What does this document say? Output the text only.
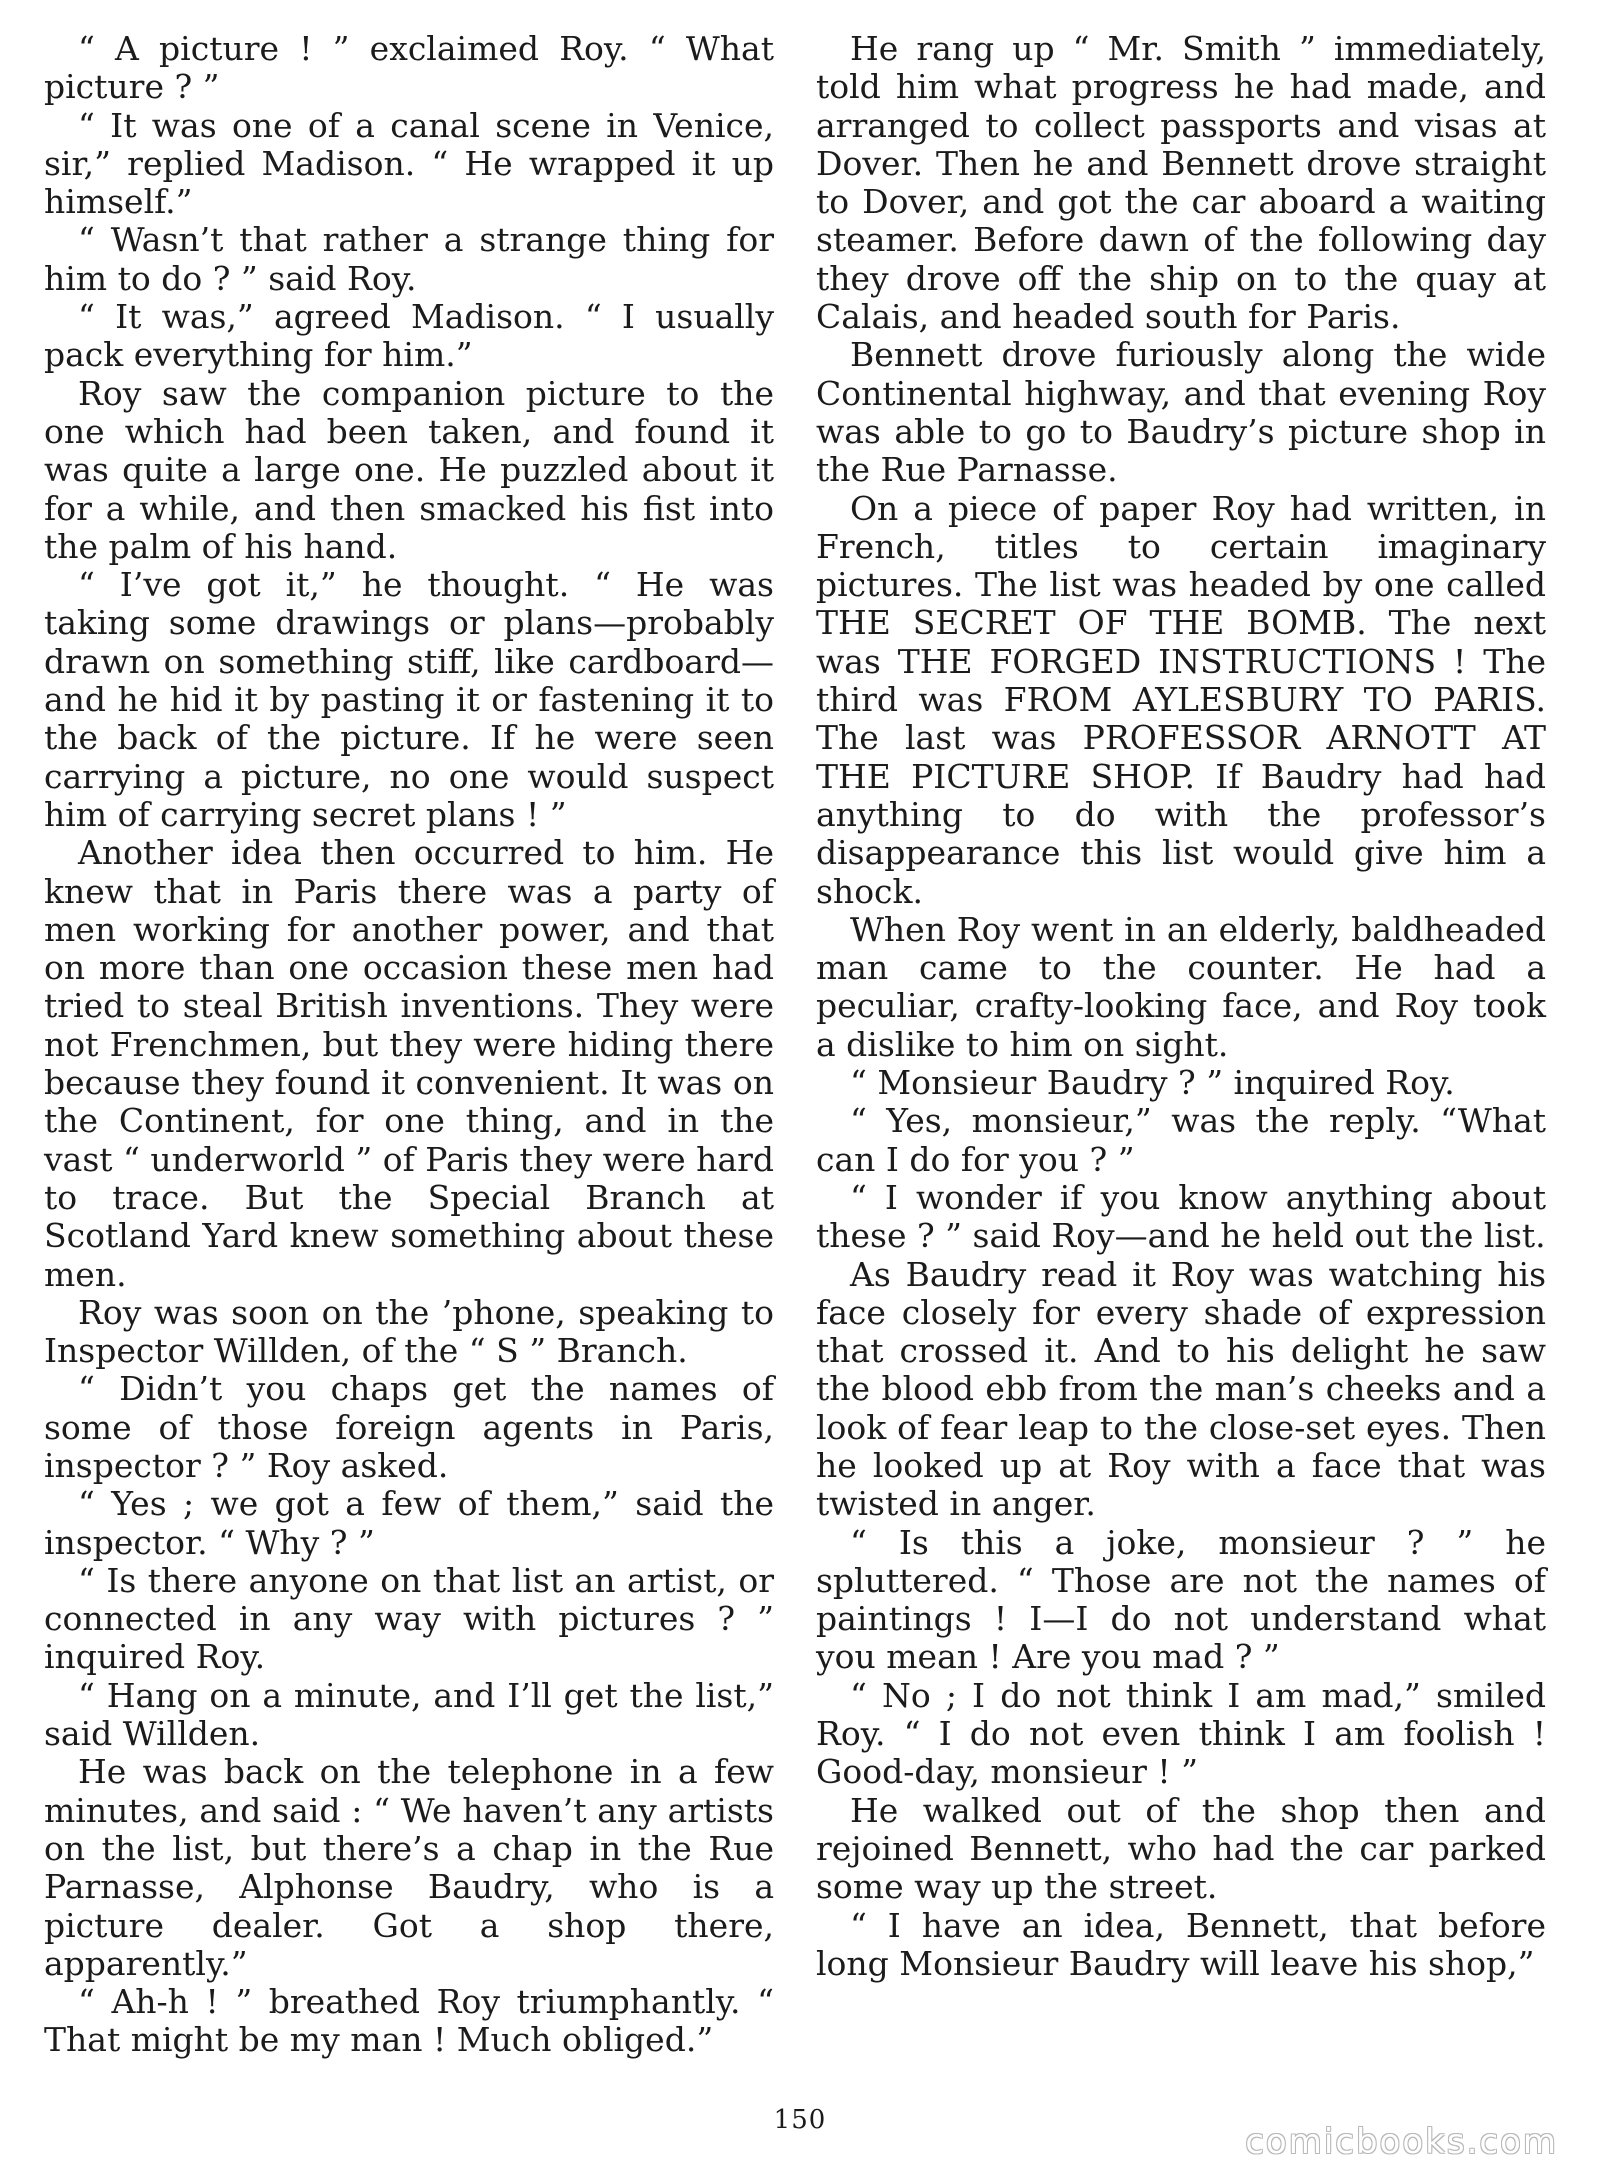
“ A picture ! ” exclaimed Roy. “ What picture ? ”

“ It was one of a canal scene in Venice, sir,” replied Madison. “ He wrapped it up himself.”

“ Wasn’t that rather a strange thing for him to do ? ” said Roy.

“ It was,” agreed Madison. “ I usually pack everything for him.”

Roy saw the companion picture to the one which had been taken, and found it was quite a large one. He puzzled about it for a while, and then smacked his fist into the palm of his hand.

“ I’ve got it,” he thought. “ He was taking some drawings or plans—probably drawn on something stiff, like cardboard—and he hid it by pasting it or fastening it to the back of the picture. If he were seen carrying a picture, no one would suspect him of carrying secret plans ! ”

Another idea then occurred to him. He knew that in Paris there was a party of men working for another power, and that on more than one occasion these men had tried to steal British inventions. They were not Frenchmen, but they were hiding there because they found it convenient. It was on the Continent, for one thing, and in the vast “ underworld ” of Paris they were hard to trace. But the Special Branch at Scotland Yard knew something about these men.

Roy was soon on the ’phone, speaking to Inspector Willden, of the “ S ” Branch.

“ Didn’t you chaps get the names of some of those foreign agents in Paris, inspector ? ” Roy asked.

“ Yes ; we got a few of them,” said the inspector. “ Why ? ”

“ Is there anyone on that list an artist, or connected in any way with pictures ? ” inquired Roy.

“ Hang on a minute, and I’ll get the list,” said Willden.

He was back on the telephone in a few minutes, and said : “ We haven’t any artists on the list, but there’s a chap in the Rue Parnasse, Alphonse Baudry, who is a picture dealer. Got a shop there, apparently.”

“ Ah-h ! ” breathed Roy triumphantly. “ That might be my man ! Much obliged.”

He rang up “ Mr. Smith ” immediately, told him what progress he had made, and arranged to collect passports and visas at Dover. Then he and Bennett drove straight to Dover, and got the car aboard a waiting steamer. Before dawn of the following day they drove off the ship on to the quay at Calais, and headed south for Paris.

Bennett drove furiously along the wide Continental highway, and that evening Roy was able to go to Baudry’s picture shop in the Rue Parnasse.

On a piece of paper Roy had written, in French, titles to certain imaginary pictures. The list was headed by one called THE SECRET OF THE BOMB. The next was THE FORGED INSTRUCTIONS ! The third was FROM AYLESBURY TO PARIS. The last was PROFESSOR ARNOTT AT THE PICTURE SHOP. If Baudry had had anything to do with the professor’s disappearance this list would give him a shock.

When Roy went in an elderly, baldheaded man came to the counter. He had a peculiar, crafty-looking face, and Roy took a dislike to him on sight.

“ Monsieur Baudry ? ” inquired Roy.

“ Yes, monsieur,” was the reply. “What can I do for you ? ”

“ I wonder if you know anything about these ? ” said Roy—and he held out the list.

As Baudry read it Roy was watching his face closely for every shade of expression that crossed it. And to his delight he saw the blood ebb from the man’s cheeks and a look of fear leap to the close-set eyes. Then he looked up at Roy with a face that was twisted in anger.

“ Is this a joke, monsieur ? ” he spluttered. “ Those are not the names of paintings ! I—I do not understand what you mean ! Are you mad ? ”

“ No ; I do not think I am mad,” smiled Roy. “ I do not even think I am foolish ! Good-day, monsieur ! ”

He walked out of the shop then and rejoined Bennett, who had the car parked some way up the street.

“ I have an idea, Bennett, that before long Monsieur Baudry will leave his shop,”

150
comicbooks.com
